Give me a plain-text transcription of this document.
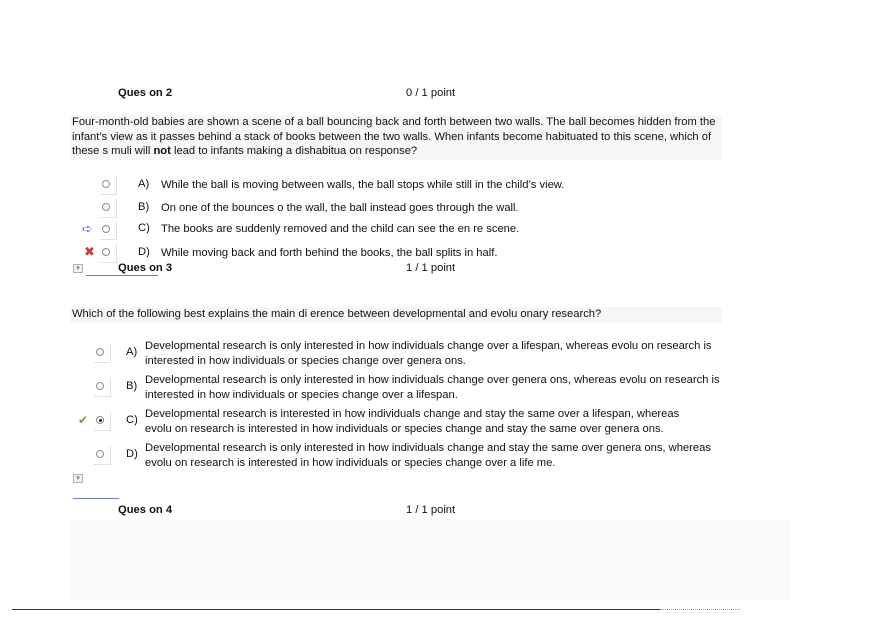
Ques on 2	0 / 1 point
Four-month-old babies are shown a scene of a ball bouncing back and forth between two walls. The ball becomes hidden from the
infant’s view as it passes behind a stack of books between the two walls. When infants become habituated to this scene, which of
these s muli will not lead to infants making a dishabitua on response?
A) While the ball is moving between walls, the ball stops while still in the child’s view.
B) On one of the bounces o the wall, the ball instead goes through the wall.
➪	C) The books are suddenly removed and the child can see the en re scene.
✖	D) While moving back and forth behind the books, the ball splits in half.
▾	Ques on 3	1 / 1 point
Which of the following best explains the main di erence between developmental and evolu onary research?
A) Developmental research is only interested in how individuals change over a lifespan, whereas evolu on research is
interested in how individuals or species change over genera ons.
B) Developmental research is only interested in how individuals change over genera ons, whereas evolu on research is
interested in how individuals or species change over a lifespan.
✔	C) Developmental research is interested in how individuals change and stay the same over a lifespan, whereas
evolu on research is interested in how individuals or species change and stay the same over genera ons.
D) Developmental research is only interested in how individuals change and stay the same over genera ons, whereas
evolu on research is interested in how individuals or species change over a life me.
▾
Ques on 4	1 / 1 point
